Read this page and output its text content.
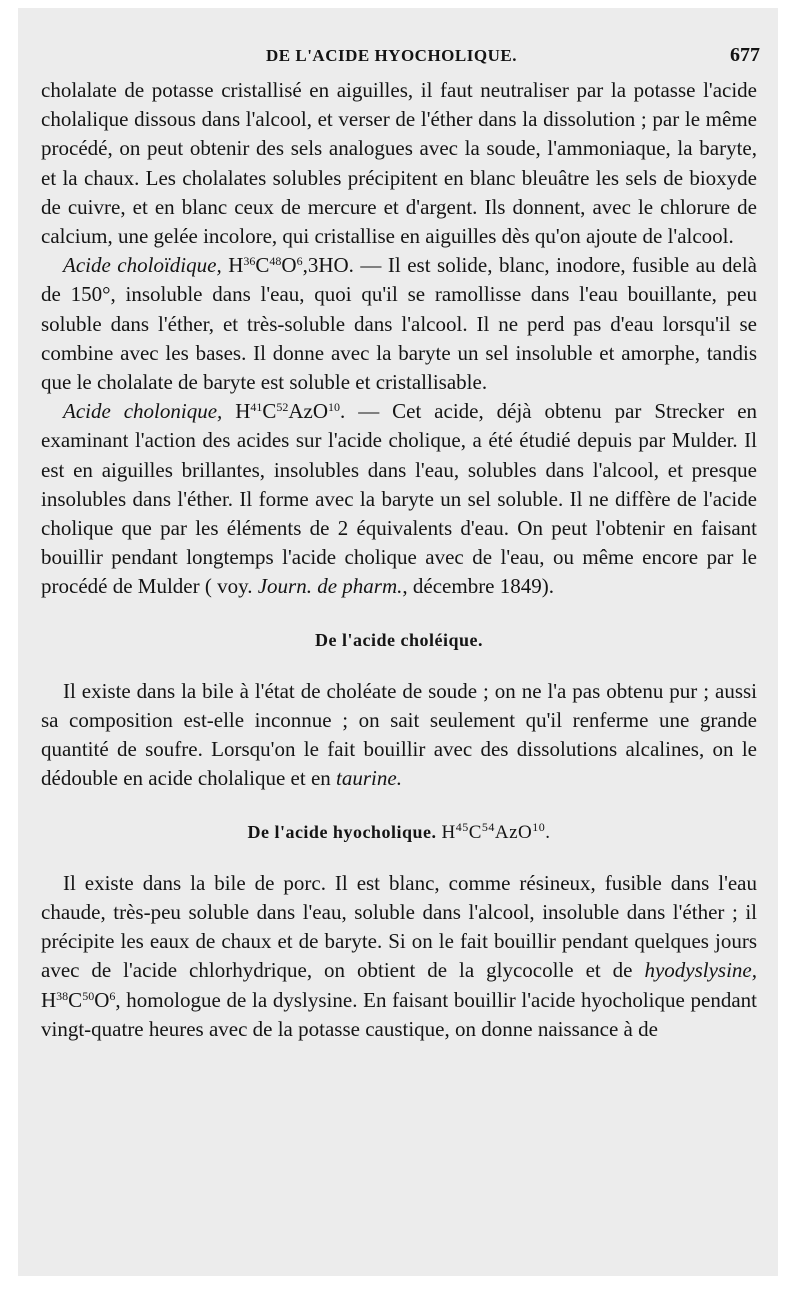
DE L'ACIDE HYOCHOLIQUE.	677

cholalate de potasse cristallisé en aiguilles, il faut neutraliser par la potasse l'acide cholalique dissous dans l'alcool, et verser de l'éther dans la dissolution ; par le même procédé, on peut obtenir des sels analogues avec la soude, l'ammoniaque, la baryte, et la chaux. Les cholalates solubles précipitent en blanc bleuâtre les sels de bioxyde de cuivre, et en blanc ceux de mercure et d'argent. Ils donnent, avec le chlorure de calcium, une gelée incolore, qui cristallise en aiguilles dès qu'on ajoute de l'alcool.

Acide choloïdique, $H^{36}C^{48}O^6,3HO$. — Il est solide, blanc, inodore, fusible au delà de 150°, insoluble dans l'eau, quoi qu'il se ramollisse dans l'eau bouillante, peu soluble dans l'éther, et très-soluble dans l'alcool. Il ne perd pas d'eau lorsqu'il se combine avec les bases. Il donne avec la baryte un sel insoluble et amorphe, tandis que le cholalate de baryte est soluble et cristallisable.

Acide cholonique, $H^{41}C^{52}AzO^{10}$. — Cet acide, déjà obtenu par Strecker en examinant l'action des acides sur l'acide cholique, a été étudié depuis par Mulder. Il est en aiguilles brillantes, insolubles dans l'eau, solubles dans l'alcool, et presque insolubles dans l'éther. Il forme avec la baryte un sel soluble. Il ne diffère de l'acide cholique que par les éléments de 2 équivalents d'eau. On peut l'obtenir en faisant bouillir pendant longtemps l'acide cholique avec de l'eau, ou même encore par le procédé de Mulder ( voy. Journ. de pharm., décembre 1849).

De l'acide choléique.

Il existe dans la bile à l'état de choléate de soude ; on ne l'a pas obtenu pur ; aussi sa composition est-elle inconnue ; on sait seulement qu'il renferme une grande quantité de soufre. Lorsqu'on le fait bouillir avec des dissolutions alcalines, on le dédouble en acide cholalique et en taurine.

De l'acide hyocholique. $H^{45}C^{54}AzO^{10}$.

Il existe dans la bile de porc. Il est blanc, comme résineux, fusible dans l'eau chaude, très-peu soluble dans l'eau, soluble dans l'alcool, insoluble dans l'éther ; il précipite les eaux de chaux et de baryte. Si on le fait bouillir pendant quelques jours avec de l'acide chlorhydrique, on obtient de la glycocolle et de hyodyslysine, $H^{38}C^{50}O^6$, homologue de la dyslysine. En faisant bouillir l'acide hyocholique pendant vingt-quatre heures avec de la potasse caustique, on donne naissance à de
